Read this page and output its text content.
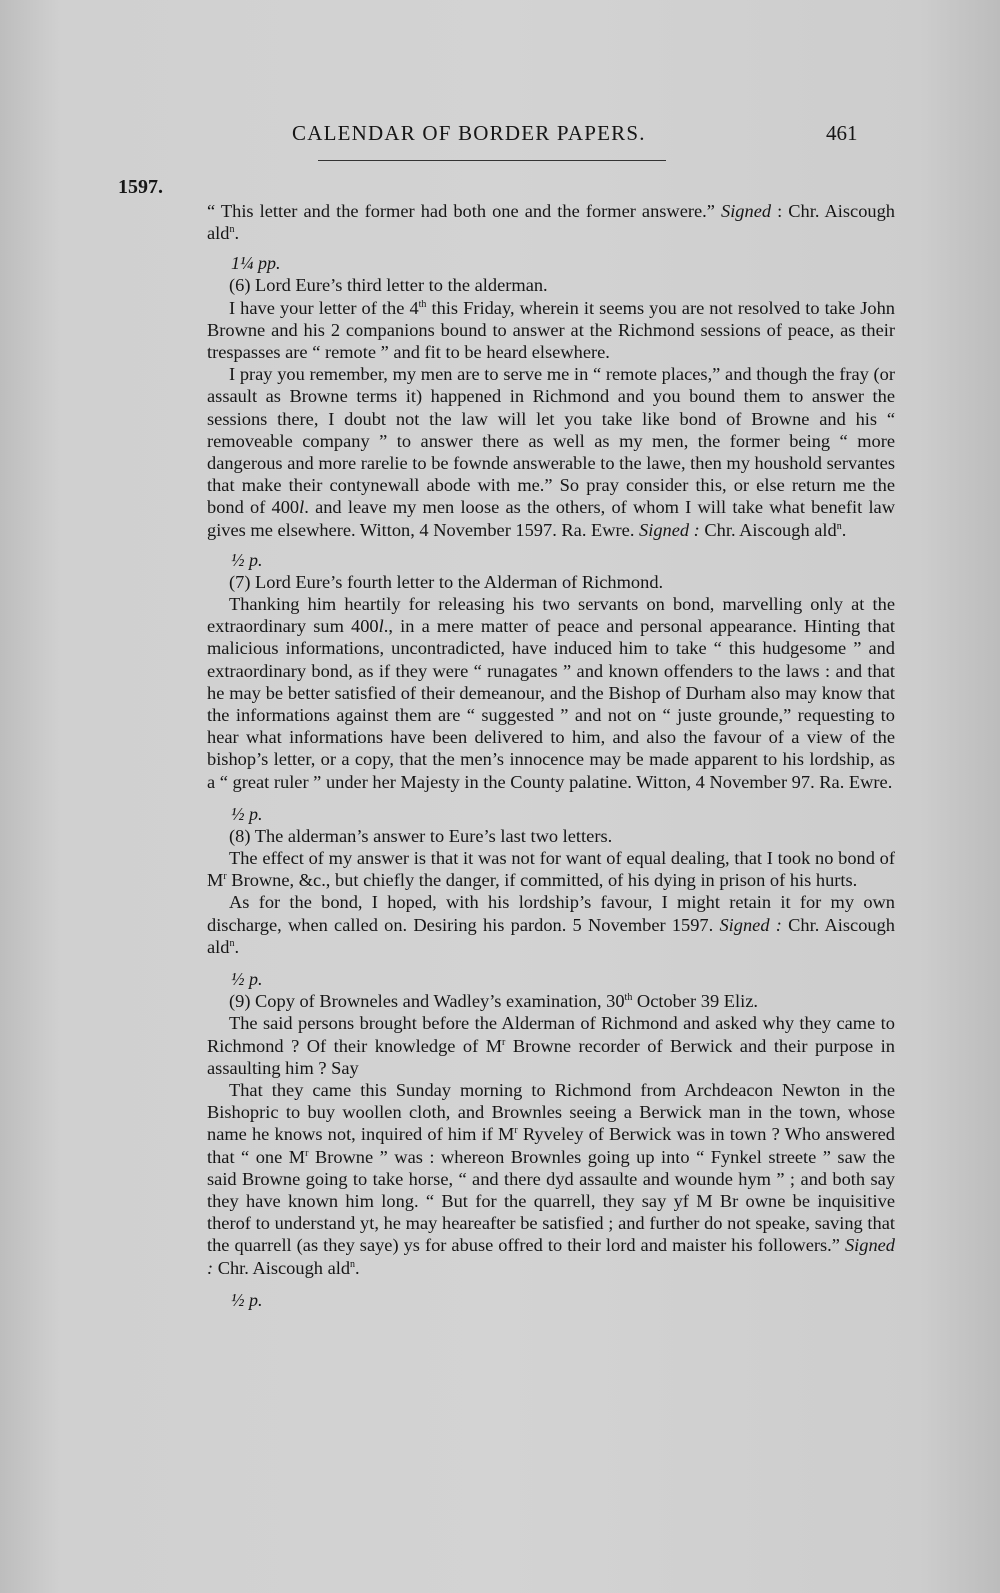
CALENDAR OF BORDER PAPERS.	461
1597.
“ This letter and the former had both one and the former answere.” Signed : Chr. Aiscough ald$^n$.
1¼ pp.
(6) Lord Eure’s third letter to the alderman.
I have your letter of the 4th this Friday, wherein it seems you are not resolved to take John Browne and his 2 companions bound to answer at the Richmond sessions of peace, as their trespasses are “ remote ” and fit to be heard elsewhere.
I pray you remember, my men are to serve me in “ remote places,” and though the fray (or assault as Browne terms it) happened in Richmond and you bound them to answer the sessions there, I doubt not the law will let you take like bond of Browne and his “ removeable company ” to answer there as well as my men, the former being “ more dangerous and more rarelie to be fownde answerable to the lawe, then my houshold servantes that make their contynewall abode with me.” So pray consider this, or else return me the bond of 400l. and leave my men loose as the others, of whom I will take what benefit law gives me elsewhere. Witton, 4 November 1597. Ra. Ewre. Signed : Chr. Aiscough ald$^n$.
½ p.
(7) Lord Eure’s fourth letter to the Alderman of Richmond.
Thanking him heartily for releasing his two servants on bond, marvelling only at the extraordinary sum 400l., in a mere matter of peace and personal appearance. Hinting that malicious informations, uncontradicted, have induced him to take “ this hudgesome ” and extraordinary bond, as if they were “ runagates ” and known offenders to the laws : and that he may be better satisfied of their demeanour, and the Bishop of Durham also may know that the informations against them are “ suggested ” and not on “ juste grounde,” requesting to hear what informations have been delivered to him, and also the favour of a view of the bishop’s letter, or a copy, that the men’s innocence may be made apparent to his lordship, as a “ great ruler ” under her Majesty in the County palatine. Witton, 4 November 97. Ra. Ewre.
½ p.
(8) The alderman’s answer to Eure’s last two letters.
The effect of my answer is that it was not for want of equal dealing, that I took no bond of $M^r$ Browne, &c., but chiefly the danger, if committed, of his dying in prison of his hurts.
As for the bond, I hoped, with his lordship’s favour, I might retain it for my own discharge, when called on. Desiring his pardon. 5 November 1597. Signed : Chr. Aiscough ald$^n$.
½ p.
(9) Copy of Browneles and Wadley’s examination, 30th October 39 Eliz.
The said persons brought before the Alderman of Richmond and asked why they came to Richmond ? Of their knowledge of $M^r$ Browne recorder of Berwick and their purpose in assaulting him ? Say
That they came this Sunday morning to Richmond from Archdeacon Newton in the Bishopric to buy woollen cloth, and Brownles seeing a Berwick man in the town, whose name he knows not, inquired of him if $M^r$ Ryveley of Berwick was in town ? Who answered that “ one $M^r$ Browne ” was : whereon Brownles going up into “ Fynkel streete ” saw the said Browne going to take horse, “ and there dyd assaulte and wounde hym ” ; and both say they have known him long. “ But for the quarrell, they say yf M Br owne be inquisitive therof to understand yt, he may heareafter be satisfied ; and further do not speake, saving that the quarrell (as they saye) ys for abuse offred to their lord and maister his followers.” Signed : Chr. Aiscough ald$^n$.
½ p.
